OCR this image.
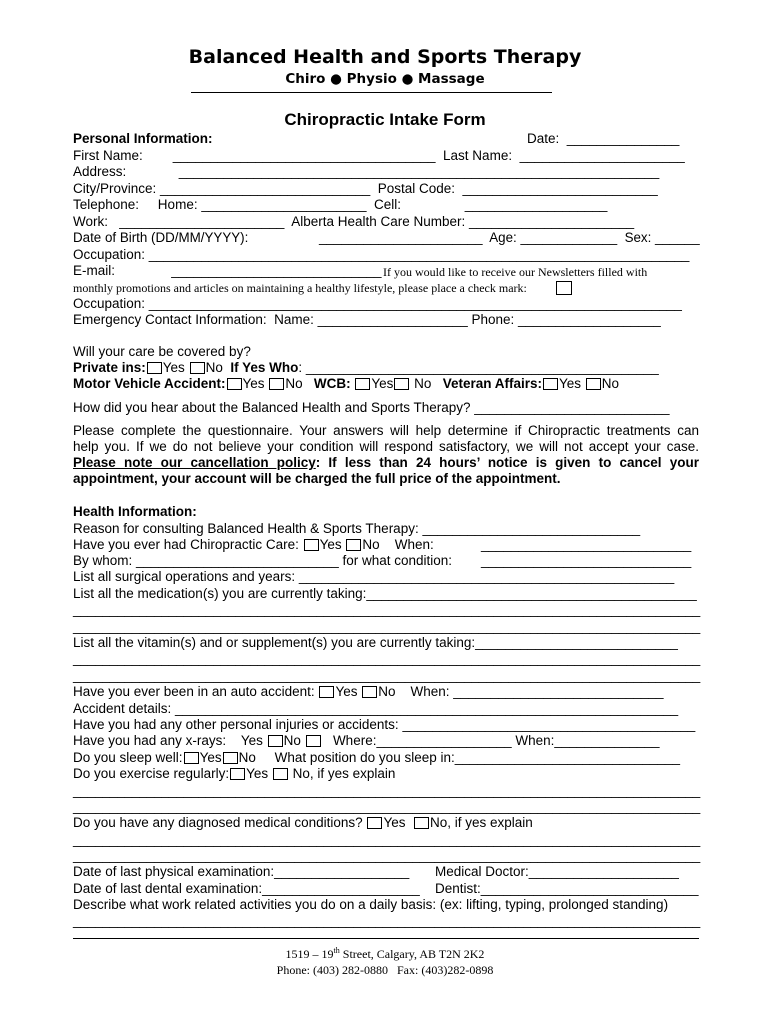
Balanced Health and Sports Therapy
Chiro ● Physio ● Massage
Chiropractic Intake Form
Personal Information:	Date:  _______________
First Name:        ___________________________________  Last Name:  ______________________
Address:              ________________________________________________________________
City/Province: ____________________________  Postal Code:  __________________________
Telephone:     Home: ______________________  Cell:                 ___________________
Work:   ______________________  Alberta Health Care Number: ______________________
Date of Birth (DD/MM/YYYY):                   ______________________  Age: _____________  Sex: ______
Occupation: ________________________________________________________________________
E-mail:               ____________________________ If you would like to receive our Newsletters filled with
monthly promotions and articles on maintaining a healthy lifestyle, please place a check mark:
Occupation: _______________________________________________________________________
Emergency Contact Information:  Name: ____________________ Phone: ___________________
Will your care be covered by?
Private ins: Yes No If Yes Who: _______________________________________________
Motor Vehicle Accident: Yes No WCB: Yes No Veteran Affairs: Yes No
How did you hear about the Balanced Health and Sports Therapy? __________________________
Please complete the questionnaire. Your answers will help determine if Chiropractic treatments can
help you. If we do not believe your condition will respond satisfactory, we will not accept your case.
Please note our cancellation policy: If less than 24 hours’ notice is given to cancel your
appointment, your account will be charged the full price of the appointment.
Health Information:
Reason for consulting Balanced Health & Sports Therapy: _____________________________
Have you ever had Chiropractic Care: Yes No When:	____________________________
By whom: ___________________________ for what condition: ____________________________
List all surgical operations and years: __________________________________________________
List all the medication(s) you are currently taking:____________________________________________
_____________________________________________________________________________________
_____________________________________________________________________________________
List all the vitamin(s) and or supplement(s) you are currently taking:___________________________
_____________________________________________________________________________________
_____________________________________________________________________________________
Have you ever been in an auto accident: Yes No When: ____________________________
Accident details: ___________________________________________________________________
Have you had any other personal injuries or accidents: _______________________________________
Have you had any x-rays: Yes No Where:__________________ When:______________
Do you sleep well: Yes No What position do you sleep in:______________________________
Do you exercise regularly: Yes No, if yes explain
_____________________________________________________________________________________
_____________________________________________________________________________________
Do you have any diagnosed medical conditions? Yes No, if yes explain
_____________________________________________________________________________________
_____________________________________________________________________________________
Date of last physical examination:__________________ Medical Doctor:____________________
Date of last dental examination:_____________________ Dentist:_____________________________
Describe what work related activities you do on a daily basis: (ex: lifting, typing, prolonged standing)
_____________________________________________________________________________________
1519 – 19th Street, Calgary, AB T2N 2K2
Phone: (403) 282-0880   Fax: (403)282-0898
